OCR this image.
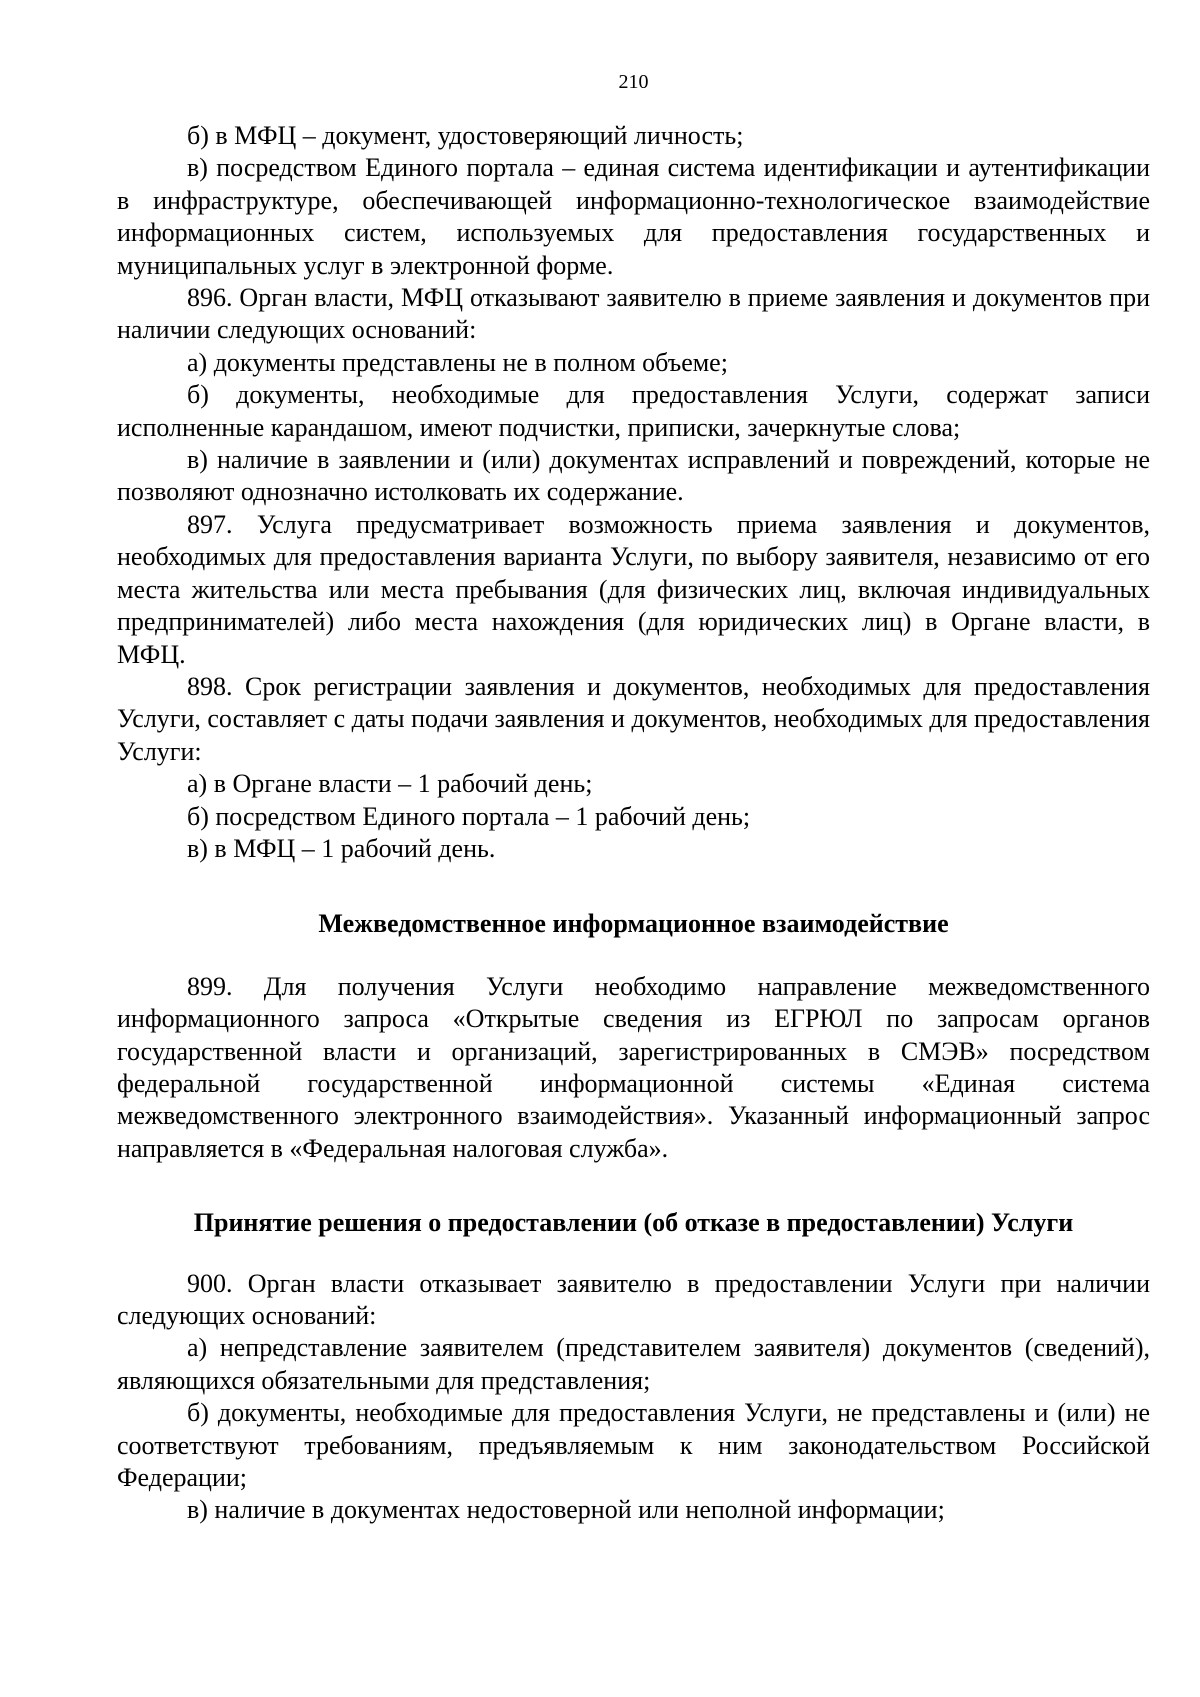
210

б) в МФЦ – документ, удостоверяющий личность;

в) посредством Единого портала – единая система идентификации и аутентификации в инфраструктуре, обеспечивающей информационно-технологическое взаимодействие информационных систем, используемых для предоставления государственных и муниципальных услуг в электронной форме.

896. Орган власти, МФЦ отказывают заявителю в приеме заявления и документов при наличии следующих оснований:

а) документы представлены не в полном объеме;

б) документы, необходимые для предоставления Услуги, содержат записи исполненные карандашом, имеют подчистки, приписки, зачеркнутые слова;

в) наличие в заявлении и (или) документах исправлений и повреждений, которые не позволяют однозначно истолковать их содержание.

897. Услуга предусматривает возможность приема заявления и документов, необходимых для предоставления варианта Услуги, по выбору заявителя, независимо от его места жительства или места пребывания (для физических лиц, включая индивидуальных предпринимателей) либо места нахождения (для юридических лиц) в Органе власти, в МФЦ.

898. Срок регистрации заявления и документов, необходимых для предоставления Услуги, составляет с даты подачи заявления и документов, необходимых для предоставления Услуги:

а) в Органе власти – 1 рабочий день;

б) посредством Единого портала – 1 рабочий день;

в) в МФЦ – 1 рабочий день.

Межведомственное информационное взаимодействие

899. Для получения Услуги необходимо направление межведомственного информационного запроса «Открытые сведения из ЕГРЮЛ по запросам органов государственной власти и организаций, зарегистрированных в СМЭВ» посредством федеральной государственной информационной системы «Единая система межведомственного электронного взаимодействия». Указанный информационный запрос направляется в «Федеральная налоговая служба».

Принятие решения о предоставлении (об отказе в предоставлении) Услуги

900. Орган власти отказывает заявителю в предоставлении Услуги при наличии следующих оснований:

а) непредставление заявителем (представителем заявителя) документов (сведений), являющихся обязательными для представления;

б) документы, необходимые для предоставления Услуги, не представлены и (или) не соответствуют требованиям, предъявляемым к ним законодательством Российской Федерации;

в) наличие в документах недостоверной или неполной информации;
